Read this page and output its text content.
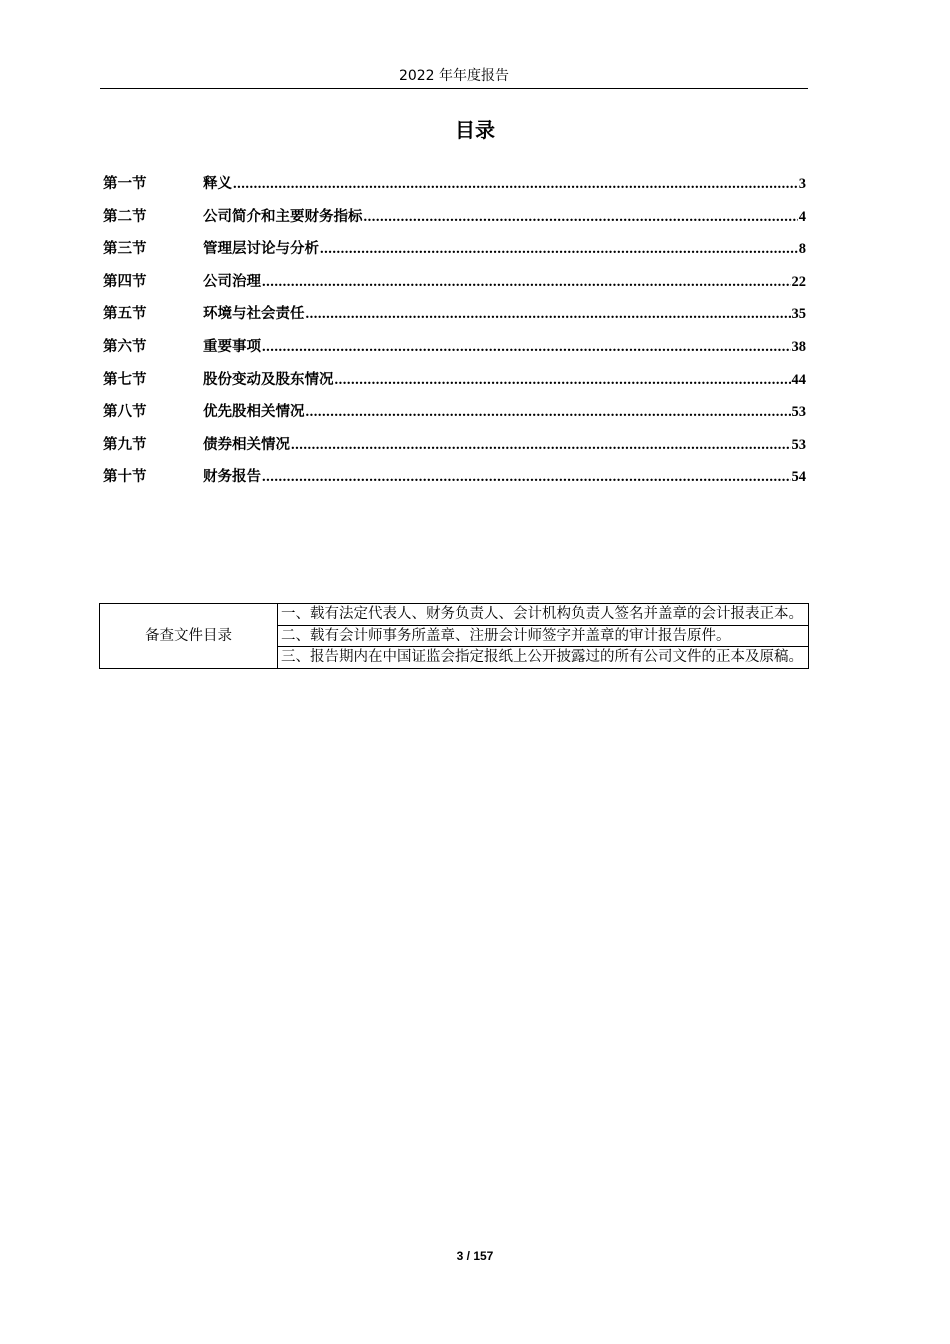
2022 年年度报告
目录
第一节	释义 .....	3
第二节	公司简介和主要财务指标 .....	4
第三节	管理层讨论与分析 .....	8
第四节	公司治理 .....	22
第五节	环境与社会责任 .....	35
第六节	重要事项 .....	38
第七节	股份变动及股东情况 .....	44
第八节	优先股相关情况 .....	53
第九节	债券相关情况 .....	53
第十节	财务报告 .....	54
备查文件目录	一、载有法定代表人、财务负责人、会计机构负责人签名并盖章的会计报表正本。
二、载有会计师事务所盖章、注册会计师签字并盖章的审计报告原件。
三、报告期内在中国证监会指定报纸上公开披露过的所有公司文件的正本及原稿。
3 / 157
